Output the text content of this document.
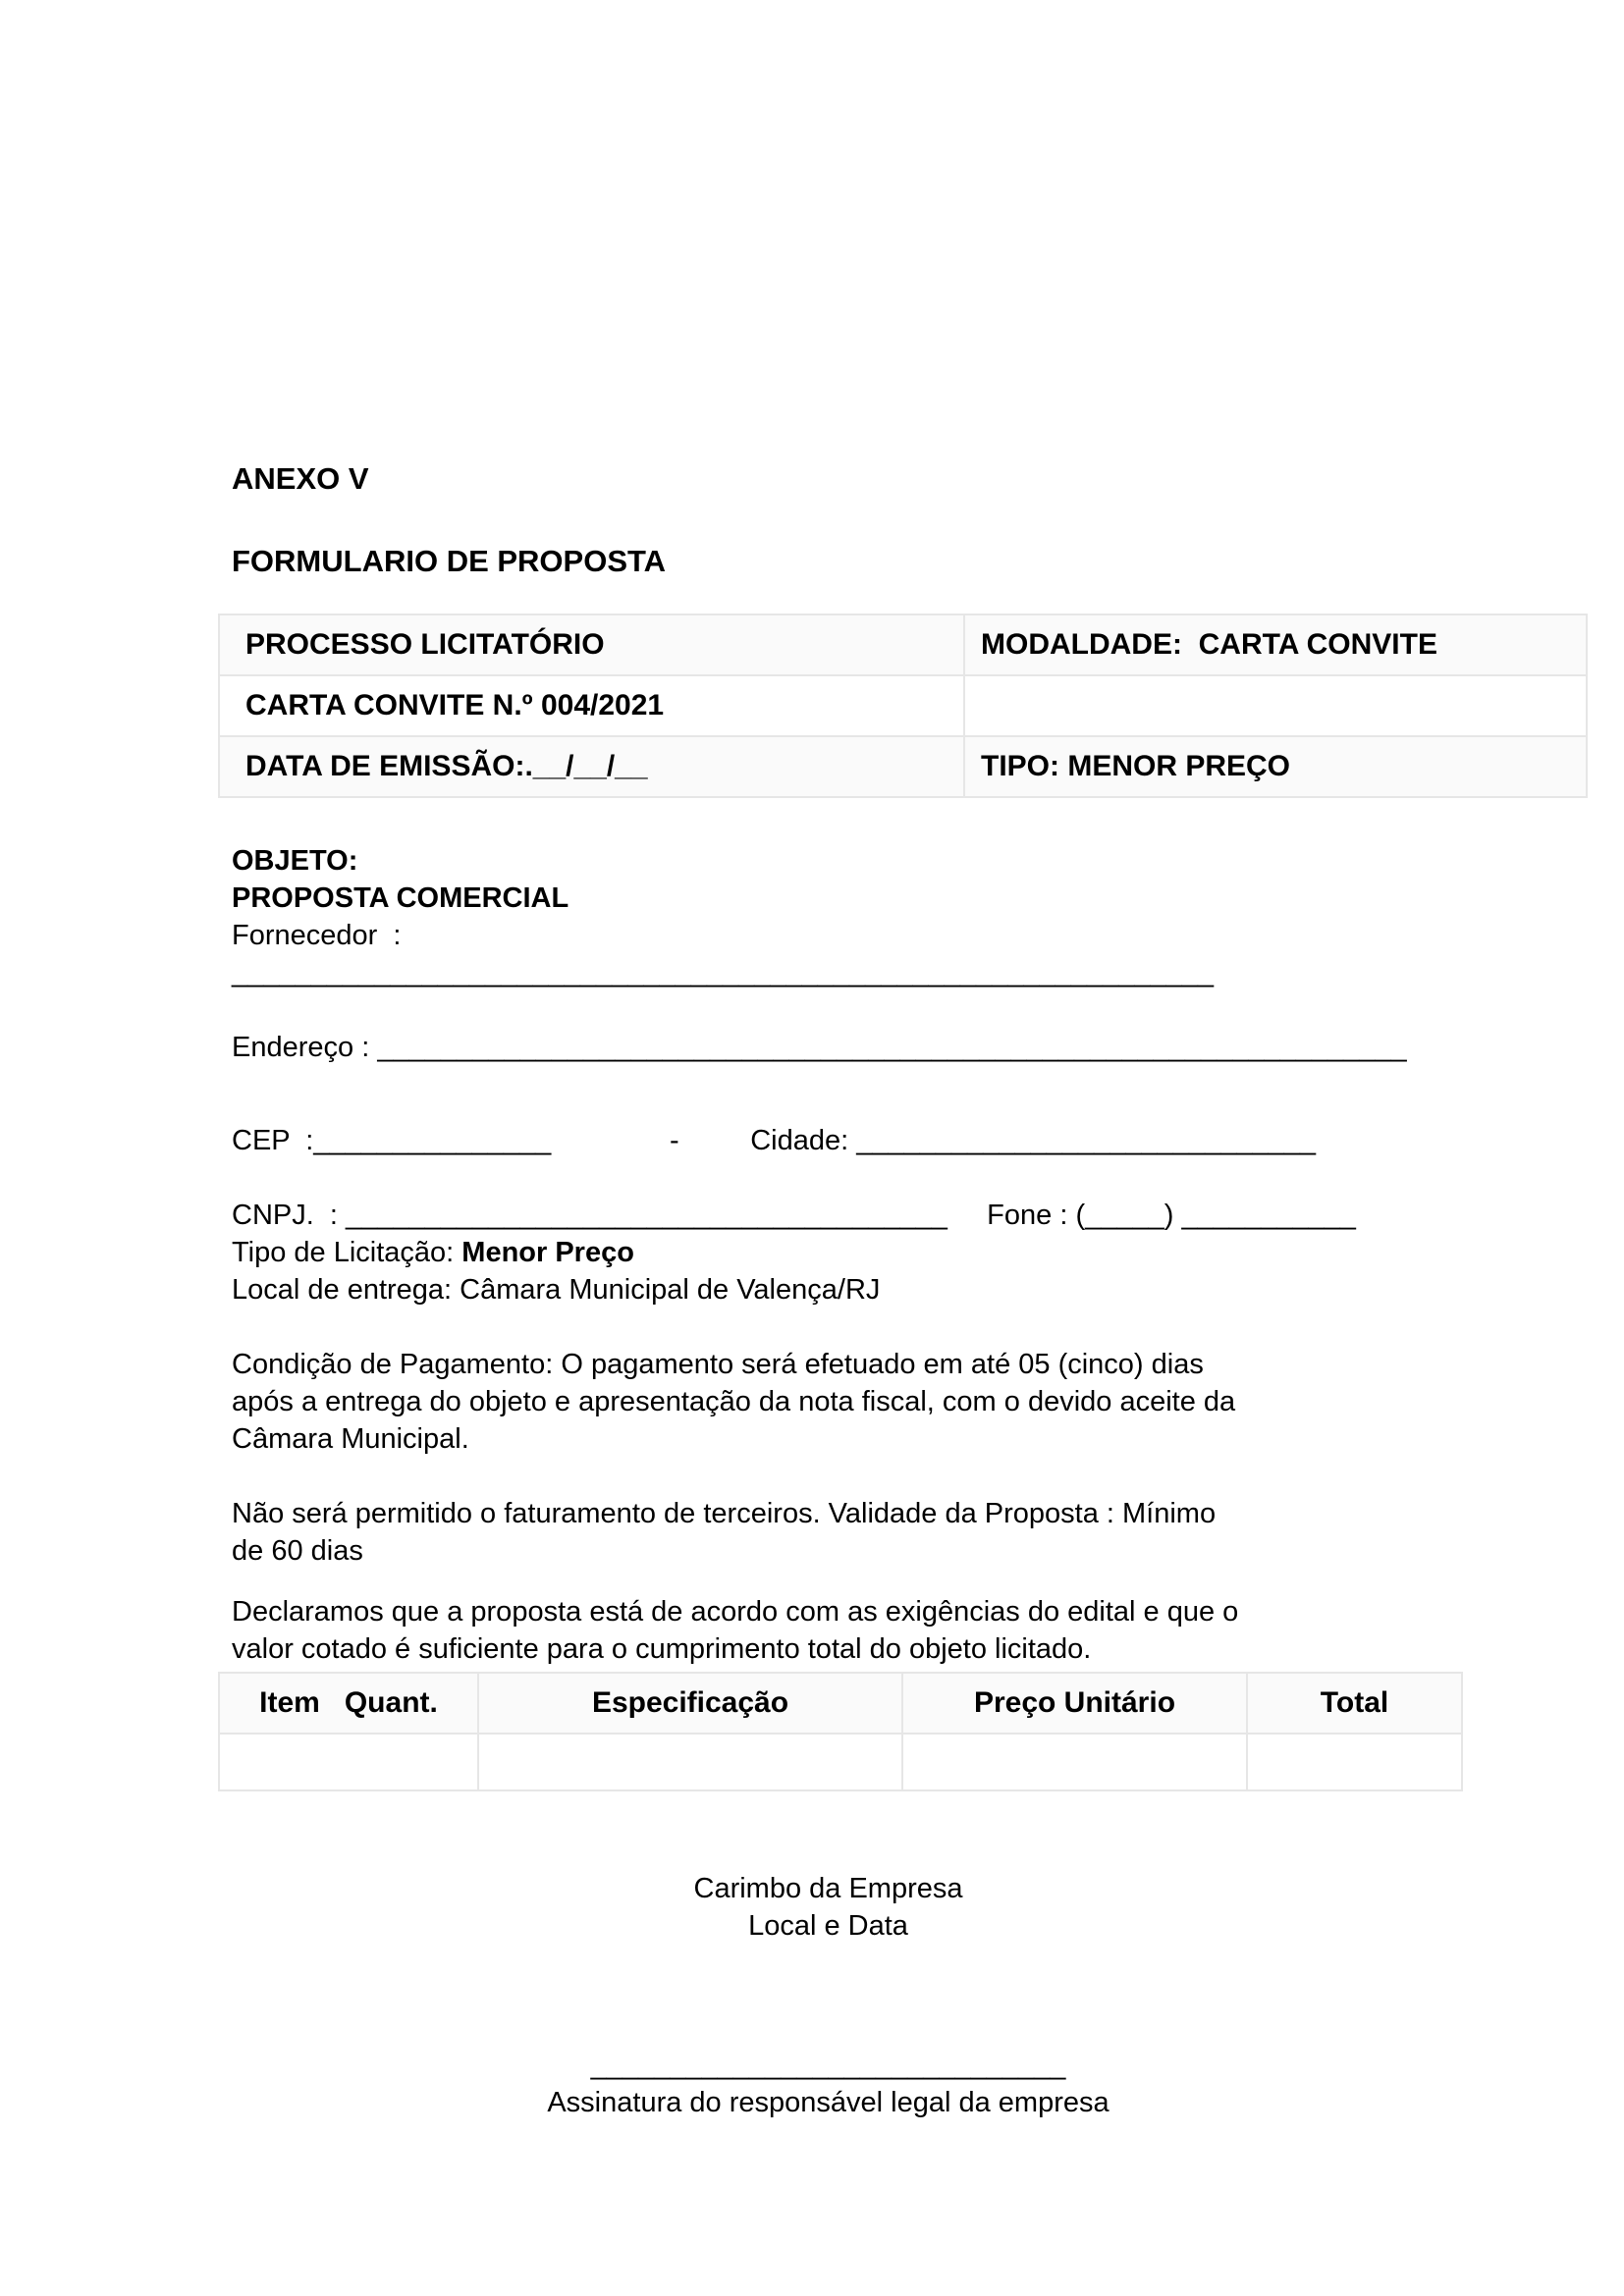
ANEXO V
FORMULARIO DE PROPOSTA
PROCESSO LICITATÓRIO	MODALDADE:  CARTA CONVITE
CARTA CONVITE N.º 004/2021	
DATA DE EMISSÃO:.__/__/__	TIPO: MENOR PREÇO
OBJETO:
PROPOSTA COMERCIAL
Fornecedor  :
______________________________________________________________
Endereço : _________________________________________________________________
CEP  :_______________               -         Cidade: _____________________________
CNPJ.  : ______________________________________     Fone : (_____) ___________
Tipo de Licitação: Menor Preço
Local de entrega: Câmara Municipal de Valença/RJ
Condição de Pagamento: O pagamento será efetuado em até 05 (cinco) dias
após a entrega do objeto e apresentação da nota fiscal, com o devido aceite da
Câmara Municipal.
Não será permitido o faturamento de terceiros. Validade da Proposta : Mínimo
de 60 dias
Declaramos que a proposta está de acordo com as exigências do edital e que o
valor cotado é suficiente para o cumprimento total do objeto licitado.
Item   Quant.	Especificação	Preço Unitário	Total

Carimbo da Empresa
Local e Data
______________________________
Assinatura do responsável legal da empresa
